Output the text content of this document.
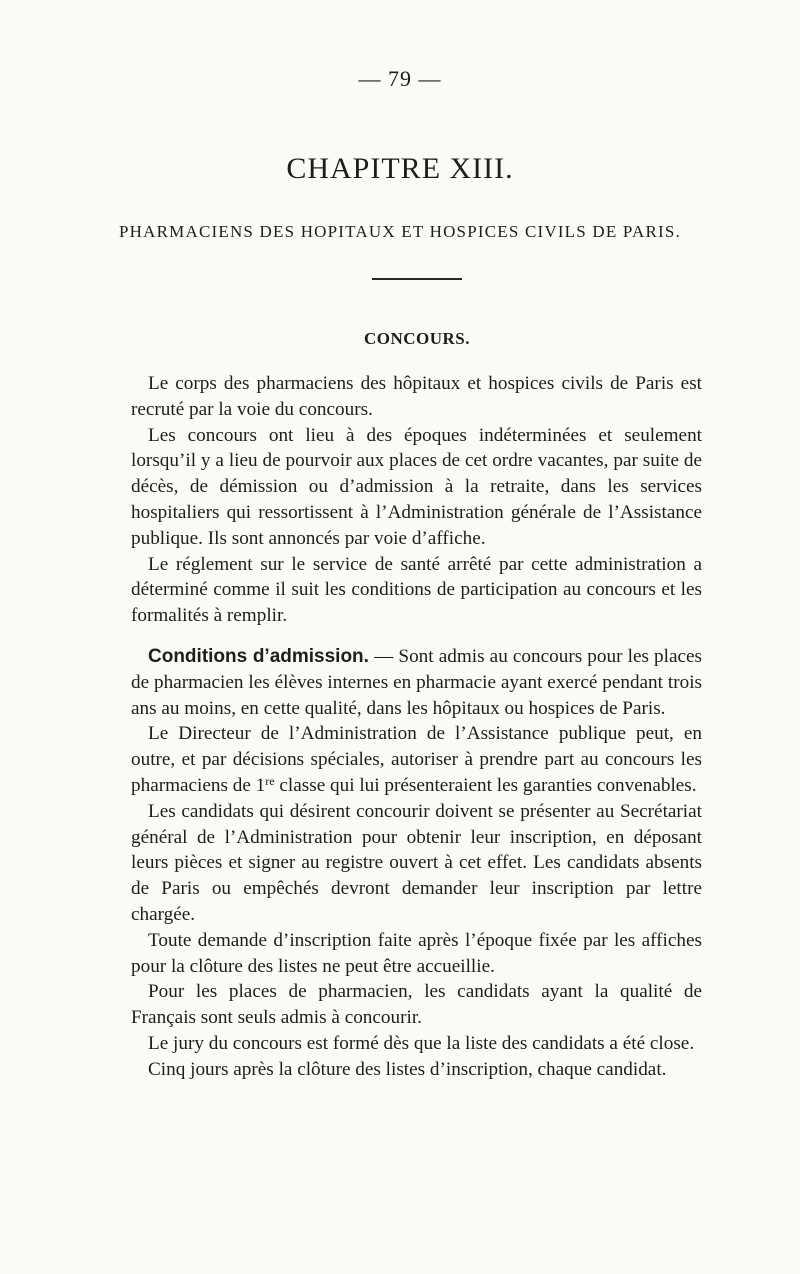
— 79 —
CHAPITRE XIII.
PHARMACIENS DES HOPITAUX ET HOSPICES CIVILS DE PARIS.
CONCOURS.

Le corps des pharmaciens des hôpitaux et hospices civils de Paris est recruté par la voie du concours.

Les concours ont lieu à des époques indéterminées et seulement lorsqu’il y a lieu de pourvoir aux places de cet ordre vacantes, par suite de décès, de démission ou d’admission à la retraite, dans les services hospitaliers qui ressortissent à l’Administration générale de l’Assistance publique. Ils sont annoncés par voie d’affiche.

Le réglement sur le service de santé arrêté par cette administration a déterminé comme il suit les conditions de participation au concours et les formalités à remplir.

Conditions d’admission. — Sont admis au concours pour les places de pharmacien les élèves internes en pharmacie ayant exercé pendant trois ans au moins, en cette qualité, dans les hôpitaux ou hospices de Paris.

Le Directeur de l’Administration de l’Assistance publique peut, en outre, et par décisions spéciales, autoriser à prendre part au concours les pharmaciens de 1re classe qui lui présenteraient les garanties convenables.

Les candidats qui désirent concourir doivent se présenter au Secrétariat général de l’Administration pour obtenir leur inscription, en déposant leurs pièces et signer au registre ouvert à cet effet. Les candidats absents de Paris ou empêchés devront demander leur inscription par lettre chargée.

Toute demande d’inscription faite après l’époque fixée par les affiches pour la clôture des listes ne peut être accueillie.

Pour les places de pharmacien, les candidats ayant la qualité de Français sont seuls admis à concourir.

Le jury du concours est formé dès que la liste des candidats a été close.

Cinq jours après la clôture des listes d’inscription, chaque candidat.
